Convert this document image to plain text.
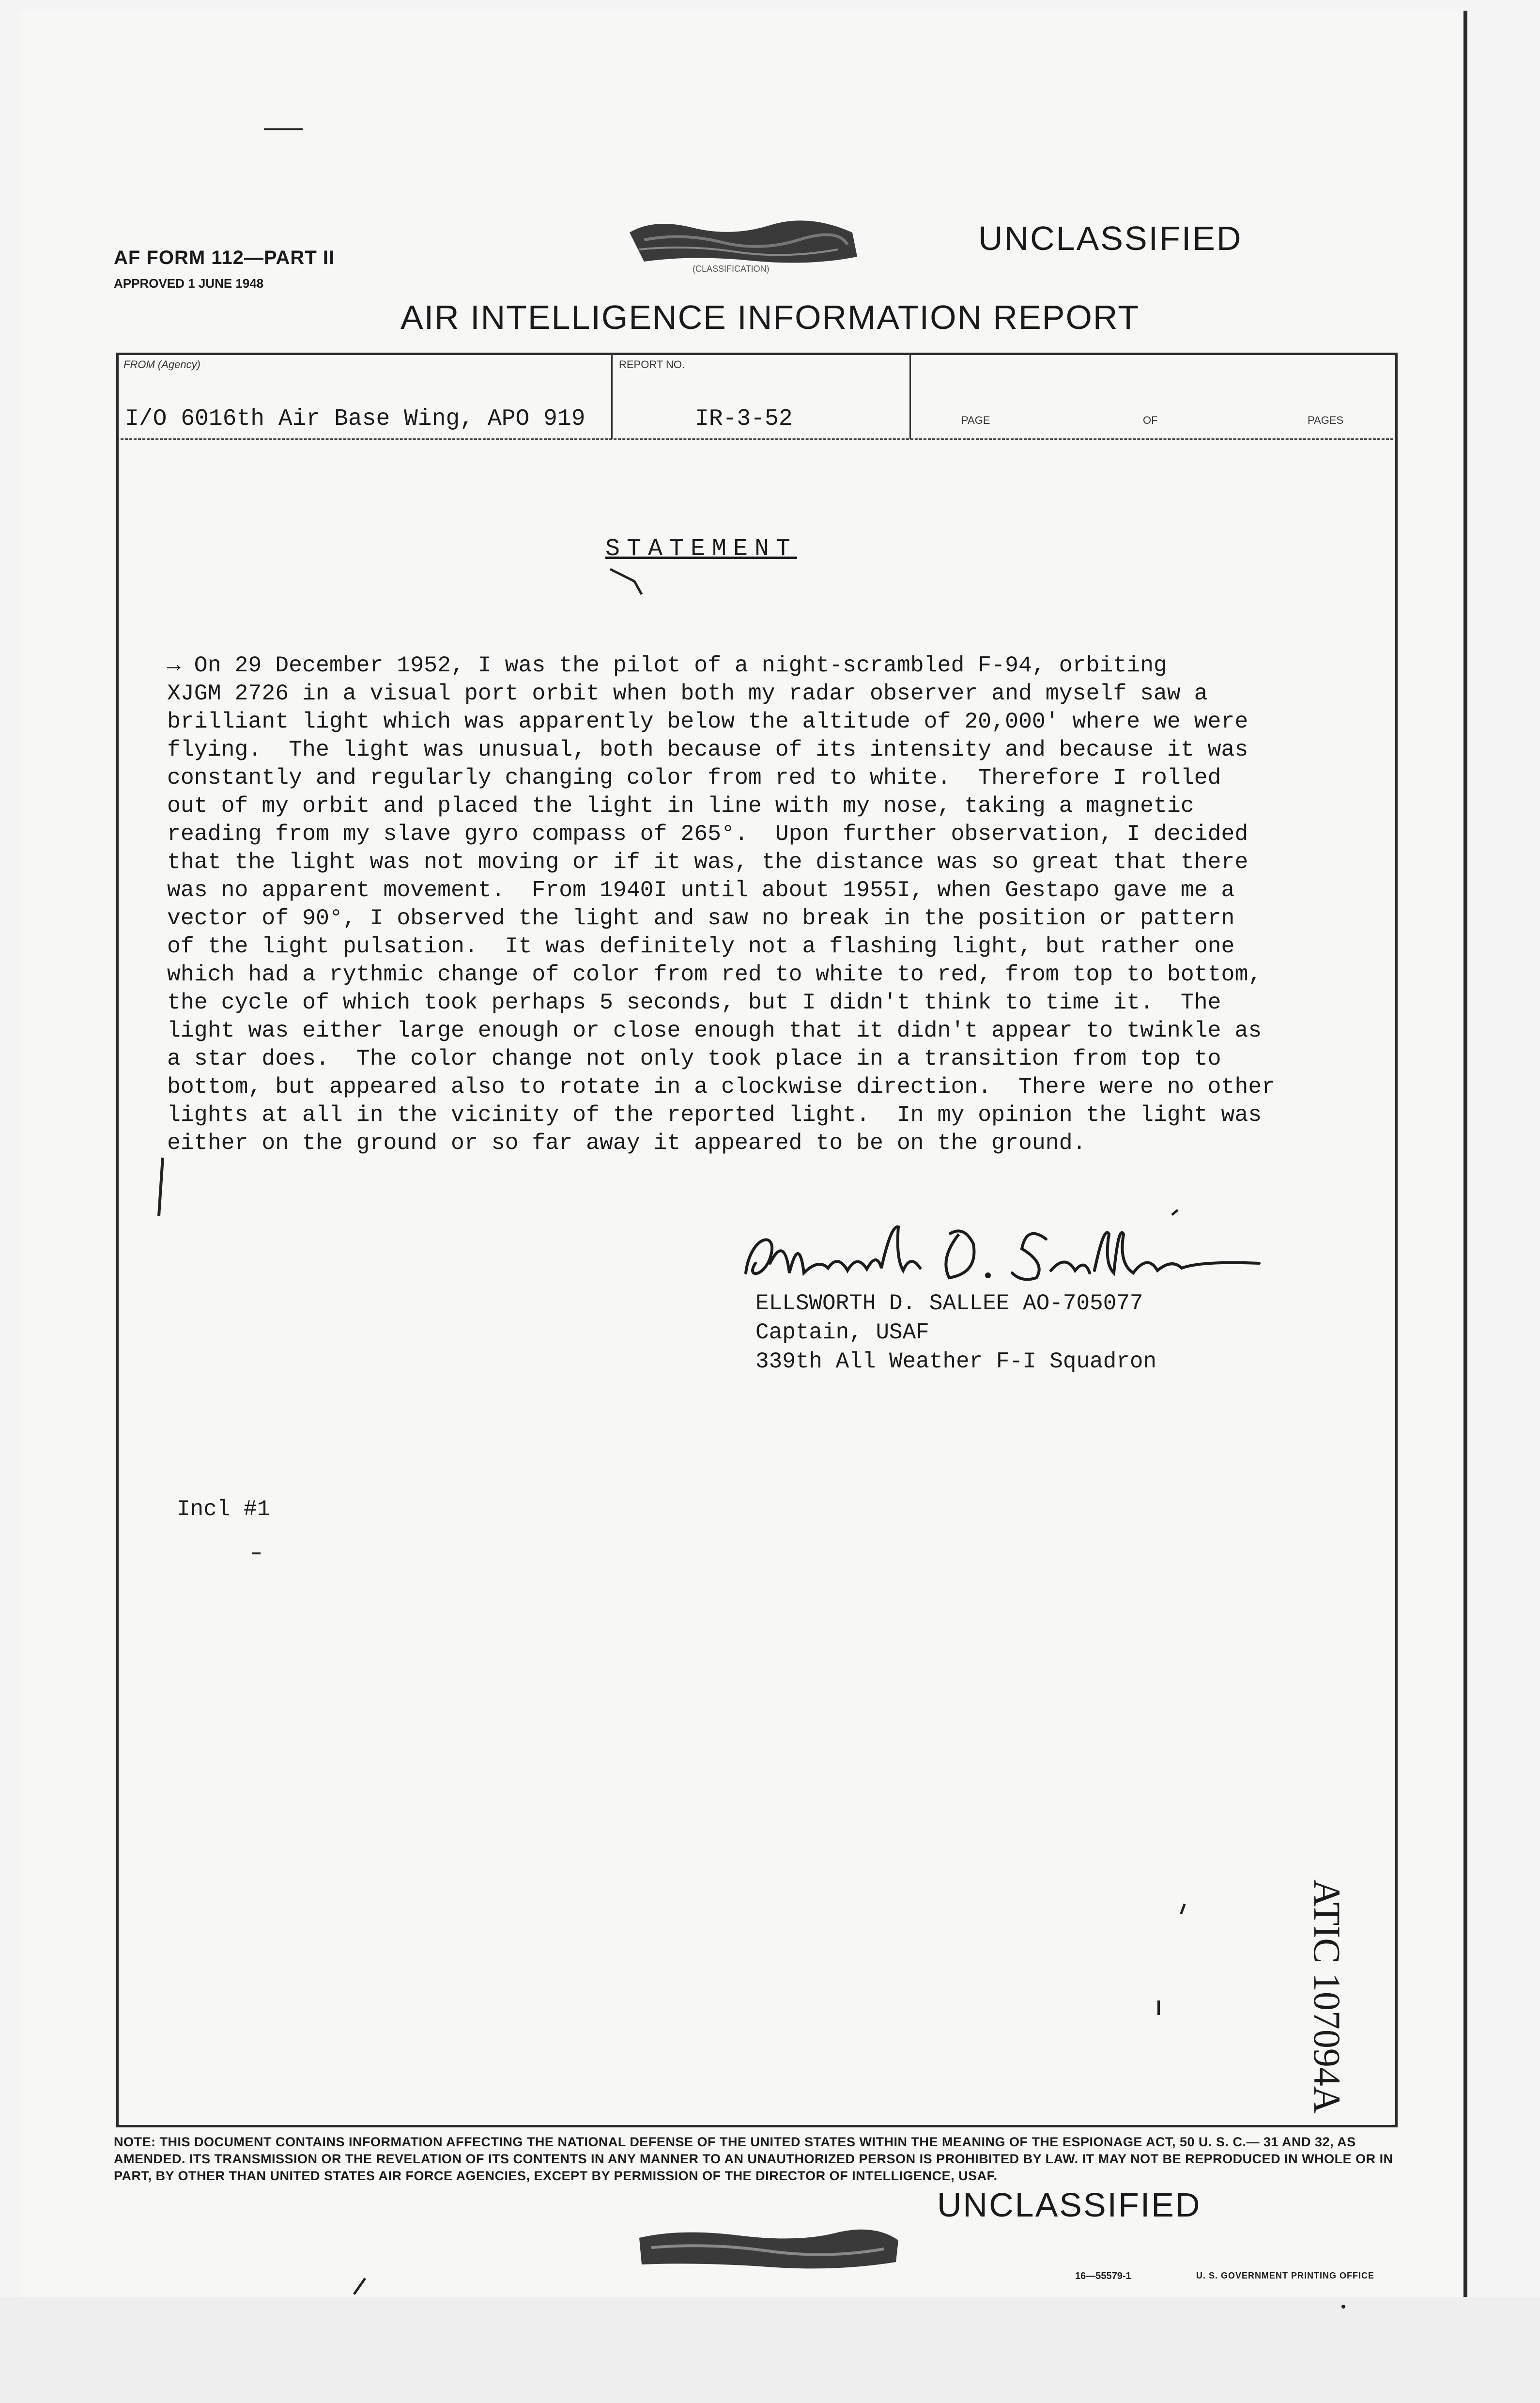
AF FORM 112—PART II
APPROVED 1 JUNE 1948
(CLASSIFICATION)
UNCLASSIFIED
AIR INTELLIGENCE INFORMATION REPORT
FROM (Agency)	REPORT NO.
PAGE	OF	PAGES
I/O 6016th Air Base Wing, APO 919	IR-3-52
STATEMENT
→ On 29 December 1952, I was the pilot of a night-scrambled F-94, orbiting
XJGM 2726 in a visual port orbit when both my radar observer and myself saw a
brilliant light which was apparently below the altitude of 20,000' where we were
flying.  The light was unusual, both because of its intensity and because it was
constantly and regularly changing color from red to white.  Therefore I rolled
out of my orbit and placed the light in line with my nose, taking a magnetic
reading from my slave gyro compass of 265°.  Upon further observation, I decided
that the light was not moving or if it was, the distance was so great that there
was no apparent movement.  From 1940I until about 1955I, when Gestapo gave me a
vector of 90°, I observed the light and saw no break in the position or pattern
of the light pulsation.  It was definitely not a flashing light, but rather one
which had a rythmic change of color from red to white to red, from top to bottom,
the cycle of which took perhaps 5 seconds, but I didn't think to time it.  The
light was either large enough or close enough that it didn't appear to twinkle as
a star does.  The color change not only took place in a transition from top to
bottom, but appeared also to rotate in a clockwise direction.  There were no other
lights at all in the vicinity of the reported light.  In my opinion the light was
either on the ground or so far away it appeared to be on the ground.
ELLSWORTH D. SALLEE AO-705077
Captain, USAF
339th All Weather F-I Squadron
Incl #1
ATIC 107094A
NOTE: THIS DOCUMENT CONTAINS INFORMATION AFFECTING THE NATIONAL DEFENSE OF THE UNITED STATES WITHIN THE MEANING OF THE ESPIONAGE ACT, 50 U. S. C.— 31 AND 32, AS AMENDED. ITS TRANSMISSION OR THE REVELATION OF ITS CONTENTS IN ANY MANNER TO AN UNAUTHORIZED PERSON IS PROHIBITED BY LAW. IT MAY NOT BE REPRODUCED IN WHOLE OR IN PART, BY OTHER THAN UNITED STATES AIR FORCE AGENCIES, EXCEPT BY PERMISSION OF THE DIRECTOR OF INTELLIGENCE, USAF.
UNCLASSIFIED
16—55579-1	U. S. GOVERNMENT PRINTING OFFICE
